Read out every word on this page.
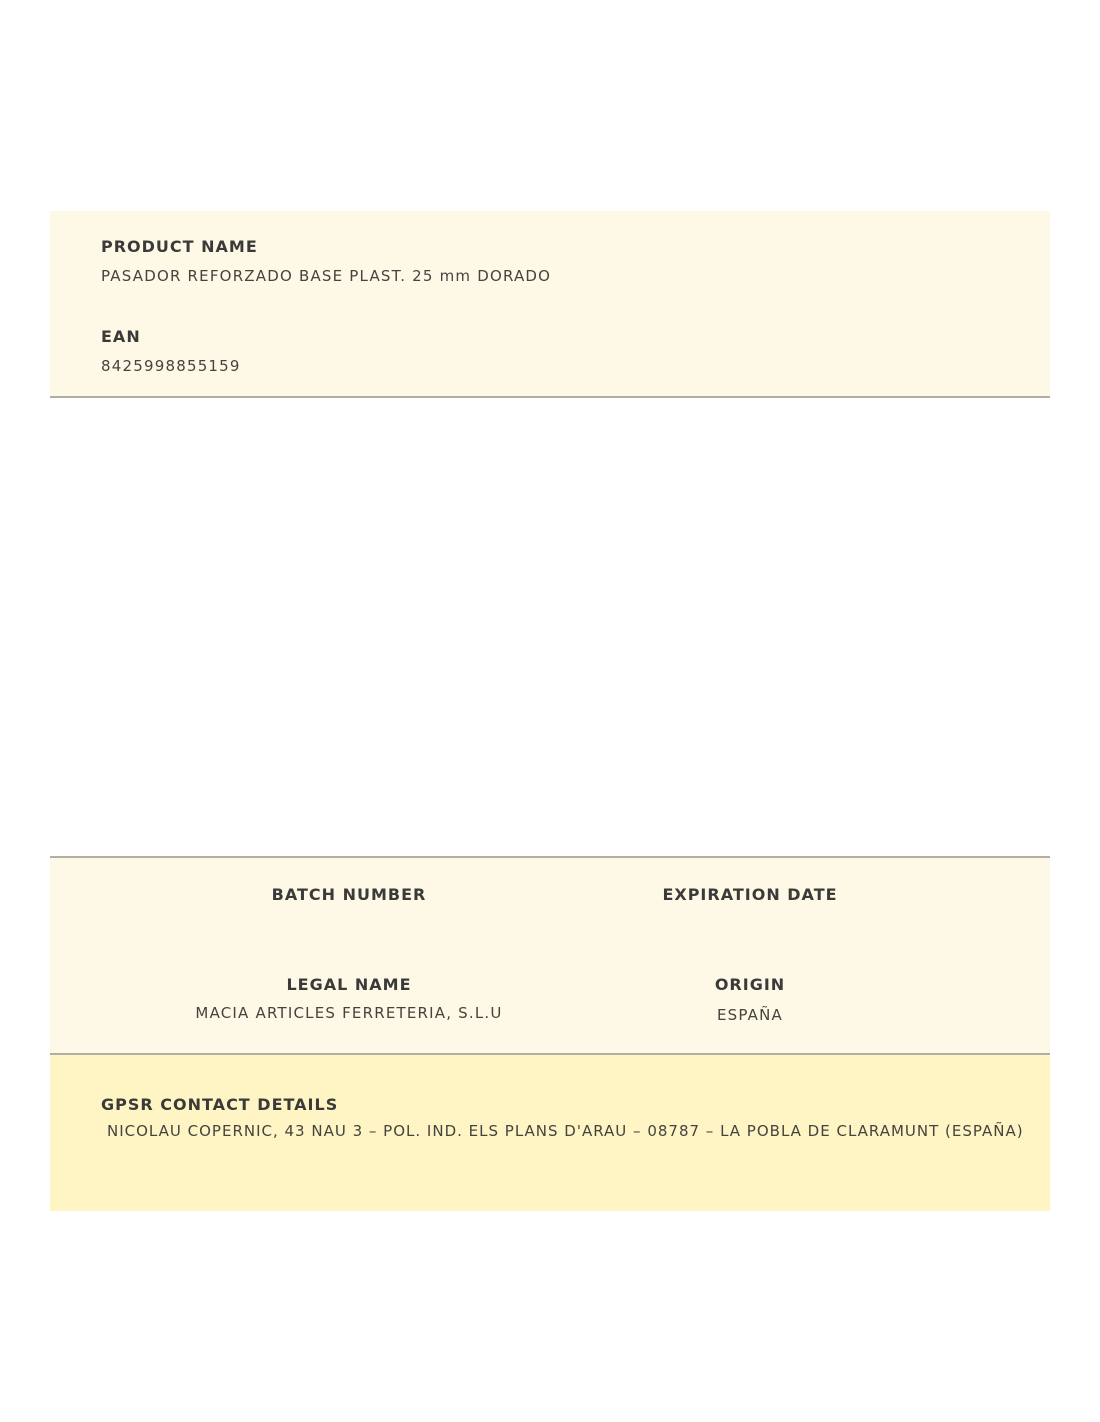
PRODUCT NAME
PASADOR REFORZADO BASE PLAST. 25 mm DORADO
EAN
8425998855159
BATCH NUMBER	EXPIRATION DATE
LEGAL NAME
MACIA ARTICLES FERRETERIA, S.L.U
ORIGIN
ESPAÑA
GPSR CONTACT DETAILS
NICOLAU COPERNIC, 43 NAU 3 – POL. IND. ELS PLANS D'ARAU – 08787 – LA POBLA DE CLARAMUNT (ESPAÑA)
